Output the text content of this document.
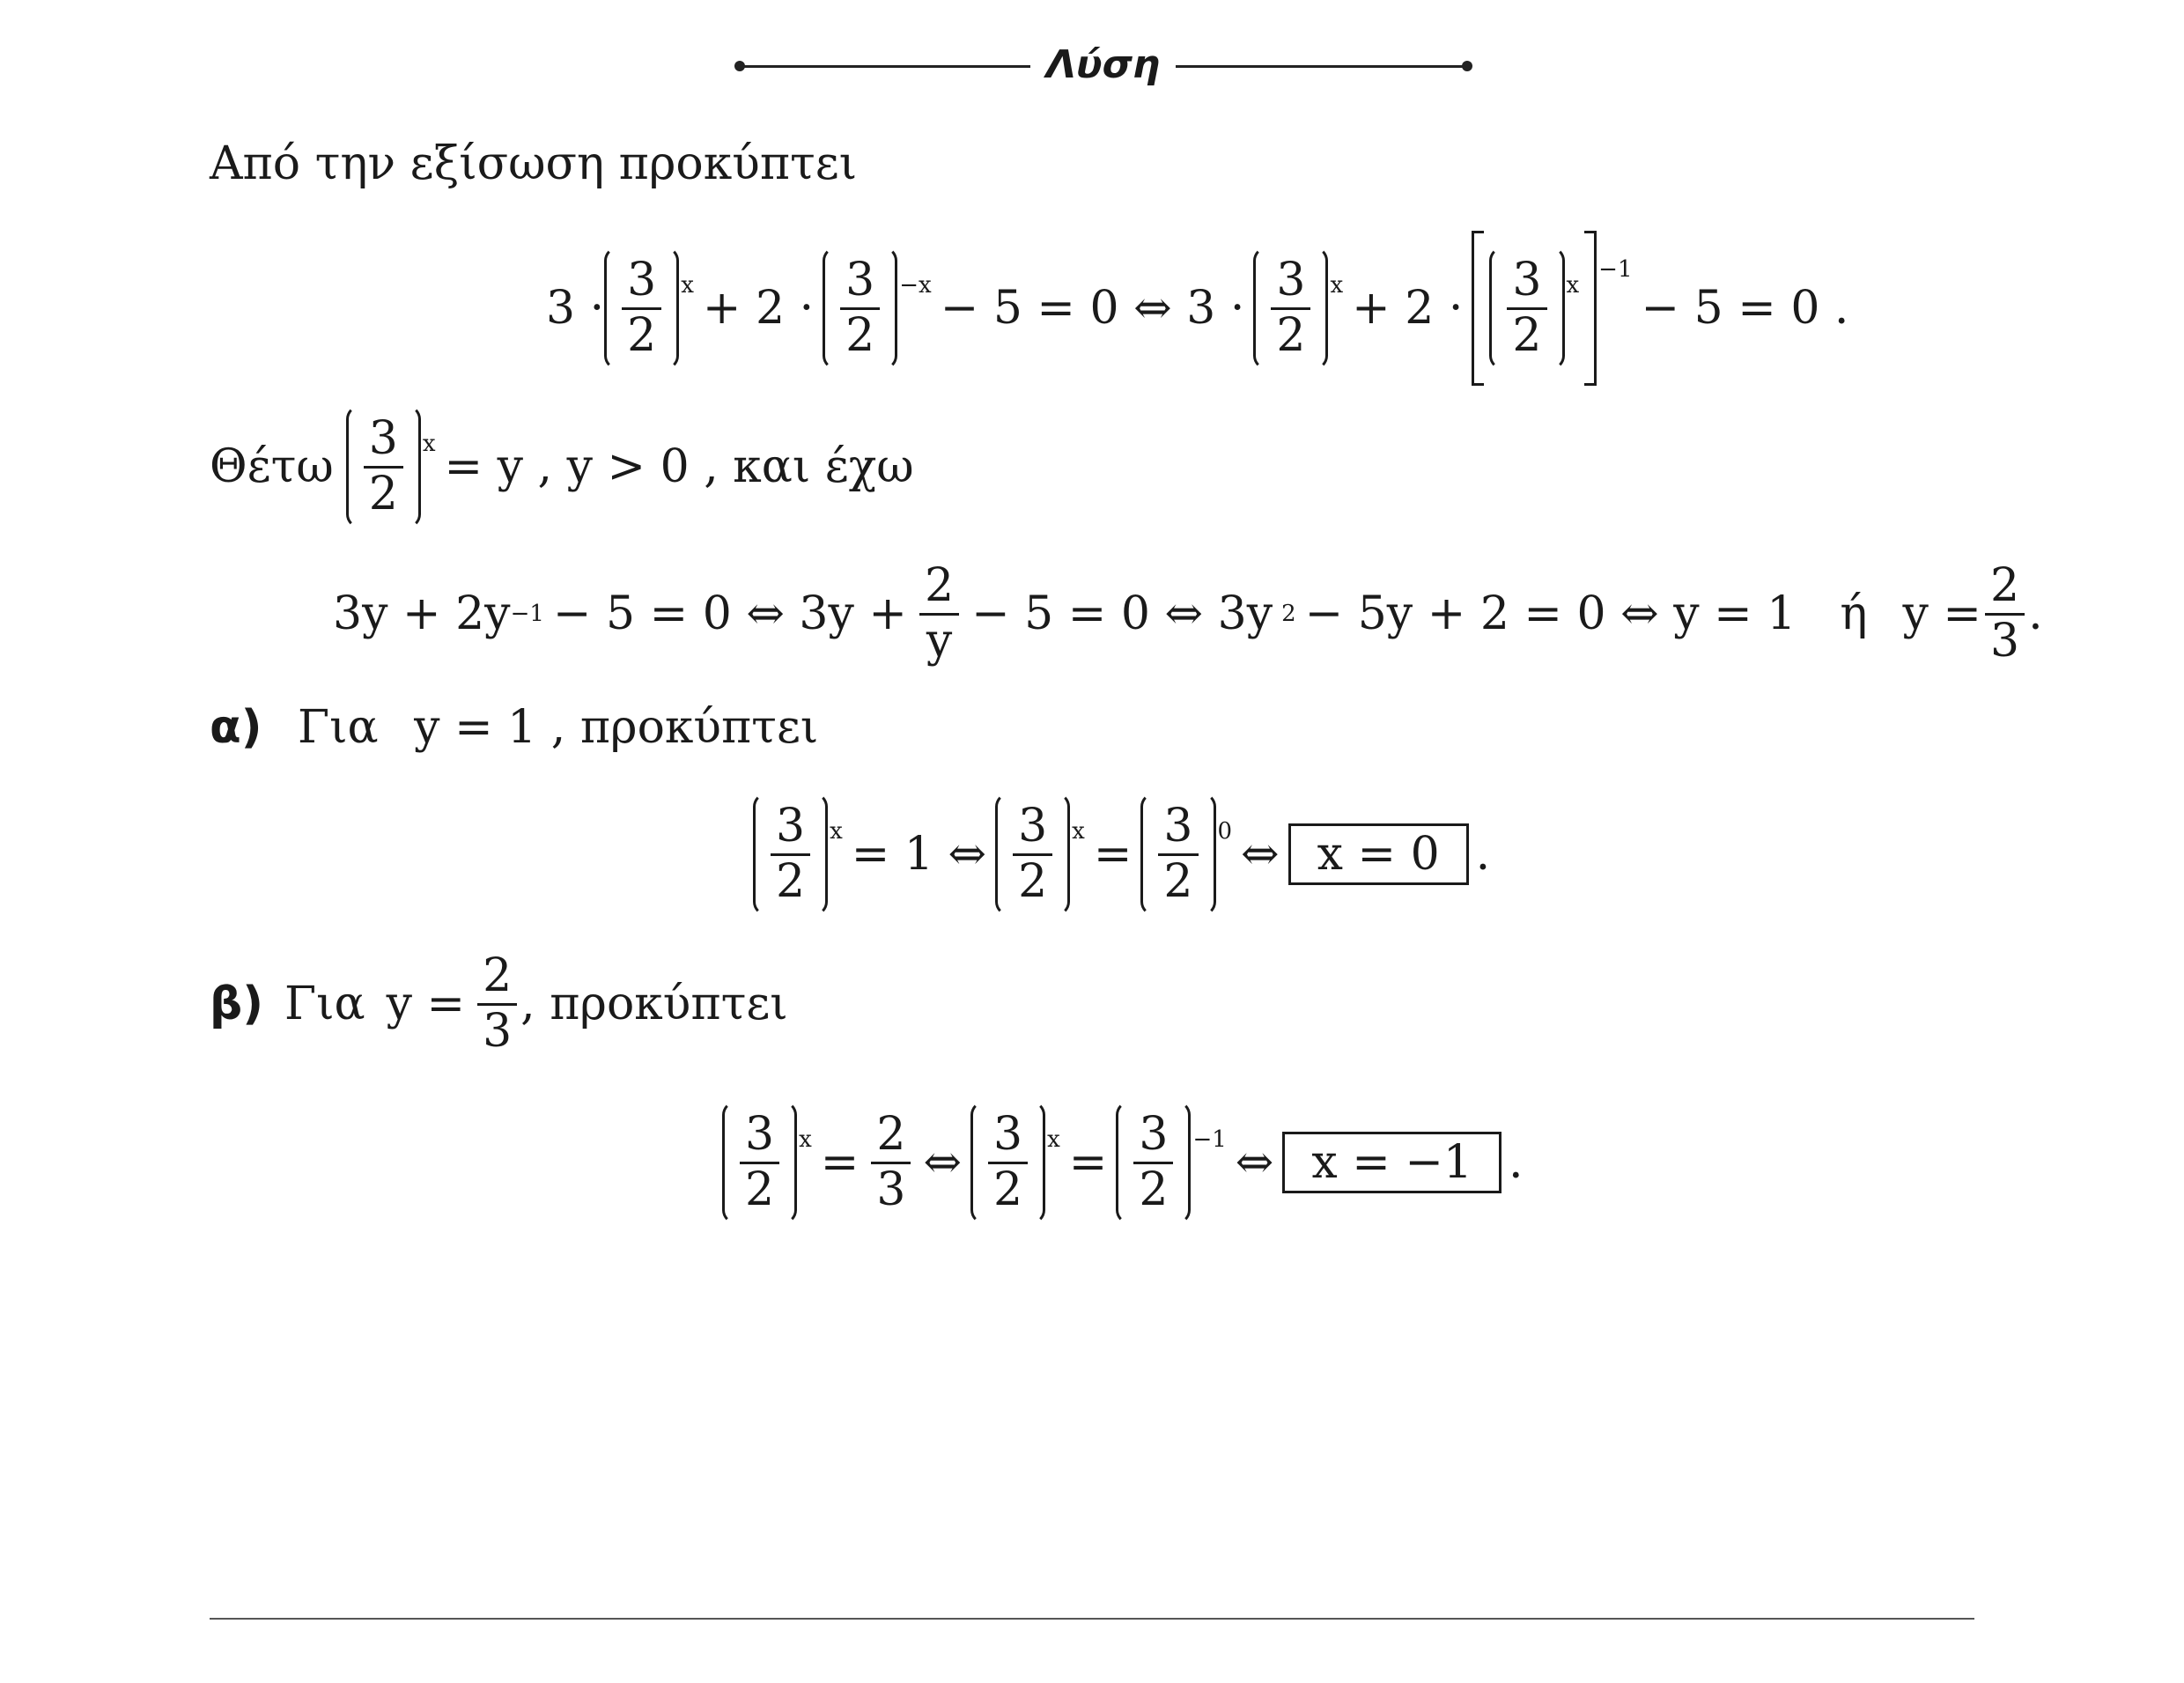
Λύση
Από την εξίσωση προκύπτει
$3 \cdot \frac{3}{2} ^x + 2 \cdot \frac{3}{2} ^{-x} - 5 = 0$ ⇔ $3 \cdot \frac{3}{2} ^x + 2 \cdot \frac{3}{2} ^x$
$^{-1}$
− 5 = 0 .
Θέτω $\frac{3}{2} ^x = y$ , y > 0 , και έχω
3y + 2y −1 − 5 = 0 ⇔ $3y + \frac{2}{y} - 5 = 0$ ⇔ 3y 2 − 5y + 2 = 0 ⇔ y = 1 ή $y = \frac{2}{3}$ .
α) Για y = 1 , προκύπτει
$\frac{3}{2} ^x = 1$ ⇔ $\frac{3}{2} ^x = \frac{3}{2} ^0$ ⇔ x = 0 .
β) Για $y = \frac{2}{3}$ , προκύπτει
$\frac{3}{2} ^x = \frac{2}{3}$ ⇔ $\frac{3}{2} ^x = \frac{3}{2} ^{-1}$ ⇔ x = −1 .
